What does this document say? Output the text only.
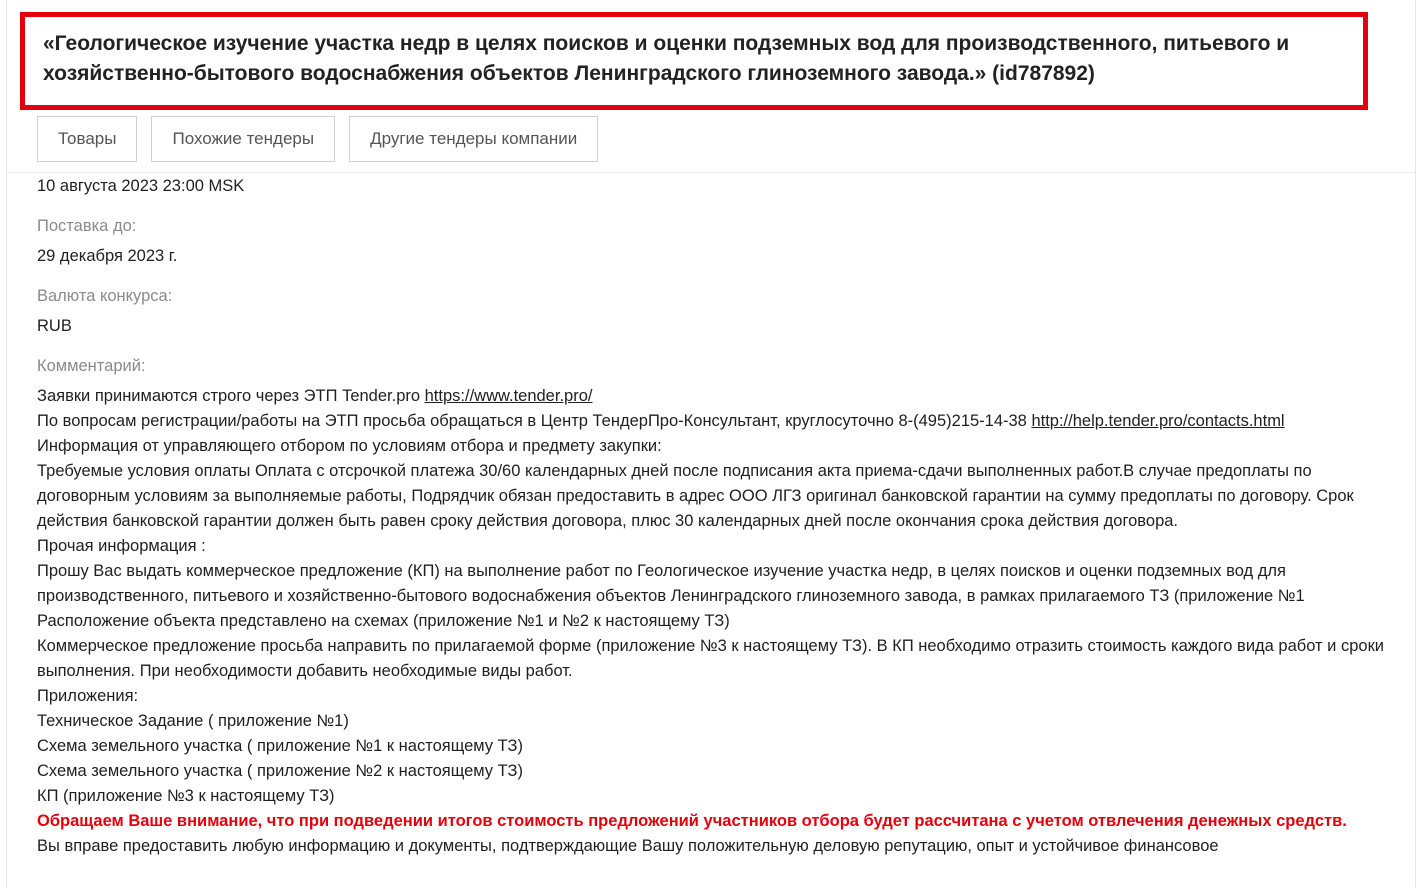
«Геологическое изучение участка недр в целях поисков и оценки подземных вод для производственного, питьевого и хозяйственно-бытового водоснабжения объектов Ленинградского глиноземного завода.» (id787892)
Товары	Похожие тендеры	Другие тендеры компании
10 августа 2023 23:00 MSK
Поставка до:
29 декабря 2023 г.
Валюта конкурса:
RUB
Комментарий:

Заявки принимаются строго через ЭТП Tender.pro https://www.tender.pro/

По вопросам регистрации/работы на ЭТП просьба обращаться в Центр ТендерПро-Консультант, круглосуточно 8-(495)215-14-38 http://help.tender.pro/contacts.html

Информация от управляющего отбором по условиям отбора и предмету закупки:

Требуемые условия оплаты Оплата с отсрочкой платежа 30/60 календарных дней после подписания акта приема-сдачи выполненных работ.В случае предоплаты по договорным условиям за выполняемые работы, Подрядчик обязан предоставить в адрес ООО ЛГЗ оригинал банковской гарантии на сумму предоплаты по договору. Срок действия банковской гарантии должен быть равен сроку действия договора, плюс 30 календарных дней после окончания срока действия договора.

Прочая информация :

Прошу Вас выдать коммерческое предложение (КП) на выполнение работ по Геологическое изучение участка недр, в целях поисков и оценки подземных вод для производственного, питьевого и хозяйственно-бытового водоснабжения объектов Ленинградского глиноземного завода, в рамках прилагаемого ТЗ (приложение №1 Расположение объекта представлено на схемах (приложение №1 и №2 к настоящему ТЗ)

Коммерческое предложение просьба направить по прилагаемой форме (приложение №3 к настоящему ТЗ). В КП необходимо отразить стоимость каждого вида работ и сроки выполнения. При необходимости добавить необходимые виды работ.

Приложения:

Техническое Задание ( приложение №1)

Схема земельного участка ( приложение №1 к настоящему ТЗ)

Схема земельного участка ( приложение №2 к настоящему ТЗ)

КП (приложение №3 к настоящему ТЗ)

Обращаем Ваше внимание, что при подведении итогов стоимость предложений участников отбора будет рассчитана с учетом отвлечения денежных средств.

Вы вправе предоставить любую информацию и документы, подтверждающие Вашу положительную деловую репутацию, опыт и устойчивое финансовое
